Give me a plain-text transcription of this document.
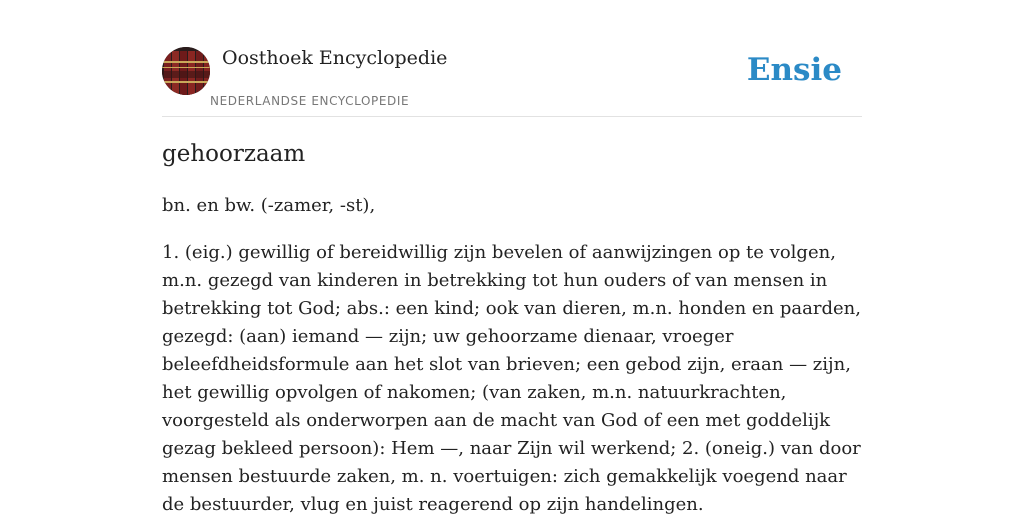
Oosthoek Encyclopedie
NEDERLANDSE ENCYCLOPEDIE
Ensie
gehoorzaam
bn. en bw. (-zamer, -st),

1. (eig.) gewillig of bereidwillig zijn bevelen of aanwijzingen op te volgen, m.n. gezegd van kinderen in betrekking tot hun ouders of van mensen in betrekking tot God; abs.: een kind; ook van dieren, m.n. honden en paarden, gezegd: (aan) iemand — zijn; uw gehoorzame dienaar, vroeger beleefdheidsformule aan het slot van brieven; een gebod zijn, eraan — zijn, het gewillig opvolgen of nakomen; (van zaken, m.n. natuurkrachten, voorgesteld als onderworpen aan de macht van God of een met goddelijk gezag bekleed persoon): Hem —, naar Zijn wil werkend; 2. (oneig.) van door mensen bestuurde zaken, m. n. voertuigen: zich gemakkelijk voegend naar de bestuurder, vlug en juist reagerend op zijn handelingen.
